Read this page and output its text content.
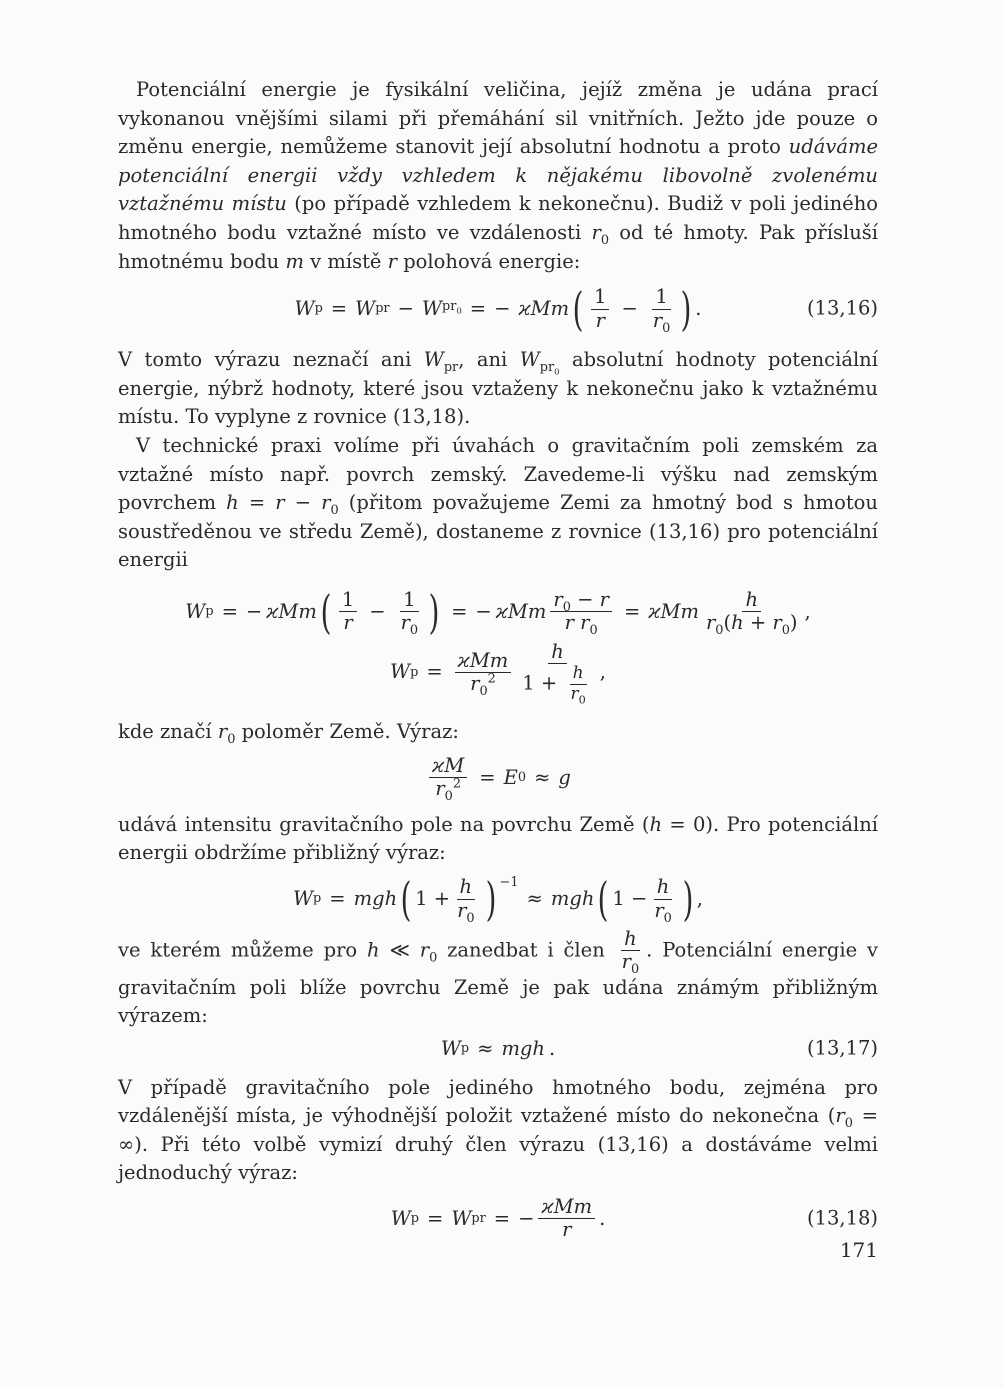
Potenciální energie je fysikální veličina, jejíž změna je udána prací vykonanou vnějšími silami při přemáhání sil vnitřních. Ježto jde pouze o změnu energie, nemůžeme stanovit její absolutní hodnotu a proto udáváme potenciální energii vždy vzhledem k nějakému libovolně zvolenému vztažnému místu (po případě vzhledem k nekonečnu). Budiž v poli jediného hmotného bodu vztažné místo ve vzdálenosti $r_0$ od té hmoty. Pak přísluší hmotnému bodu m v místě r polohová energie:

W p = W pr − W $pr_0$ = − ϰMm ( $\frac{1}{r} - \frac{1}{r_0}$ ) .	(13,16)

V tomto výrazu neznačí ani $W_{pr}$, ani $W_{pr_0}$ absolutní hodnoty potenciální energie, nýbrž hodnoty, které jsou vztaženy k nekonečnu jako k vztažnému místu. To vyplyne z rovnice (13,18).

V technické praxi volíme při úvahách o gravitačním poli zemském za vztažné místo např. povrch zemský. Zavedeme-li výšku nad zemským povrchem $h = r - r_0$ (přitom považujeme Zemi za hmotný bod s hmotou soustředěnou ve středu Země), dostaneme z rovnice (13,16) pro potenciální energii

W p = − ϰMm ( $\frac{1}{r} - \frac{1}{r_0}$ ) = − ϰMm $\frac{r_0 - r}{r r_0} = ϰMm \frac{h}{r_0(h + r_0)}$ ,
W $p = \frac{\text{ϰMm}}{r_0^2} \frac{h}{1 + \frac{h}{r_0}}$ ,

kde značí $r_0$ poloměr Země. Výraz:

$\frac{ϰM}{r_0^2} = E$ 0 ≈ g

udává intensitu gravitačního pole na povrchu Země (h = 0). Pro potenciální energii obdržíme přibližný výraz:

W p = mgh ( $1 + \frac{h}{r_0}$ ) $^{-1}$
≈ mgh ( $1 - \frac{h}{r_0}$ ) ,

ve kterém můžeme pro h ≪ $r_0$ zanedbat i člen $\frac{h}{r_0}$ . Potenciální energie v gravitačním poli blíže povrchu Země je pak udána známým přibližným výrazem:

W p ≈ mgh .	(13,17)

V případě gravitačního pole jediného hmotného bodu, zejména pro vzdálenější místa, je výhodnější položit vztažené místo do nekonečna ($r_0$ = ∞). Při této volbě vymizí druhý člen výrazu (13,16) a dostáváme velmi jednoduchý výraz:

W p = W pr = − $\frac{\text{ϰMm}}{r}$ .	(13,18)
171
